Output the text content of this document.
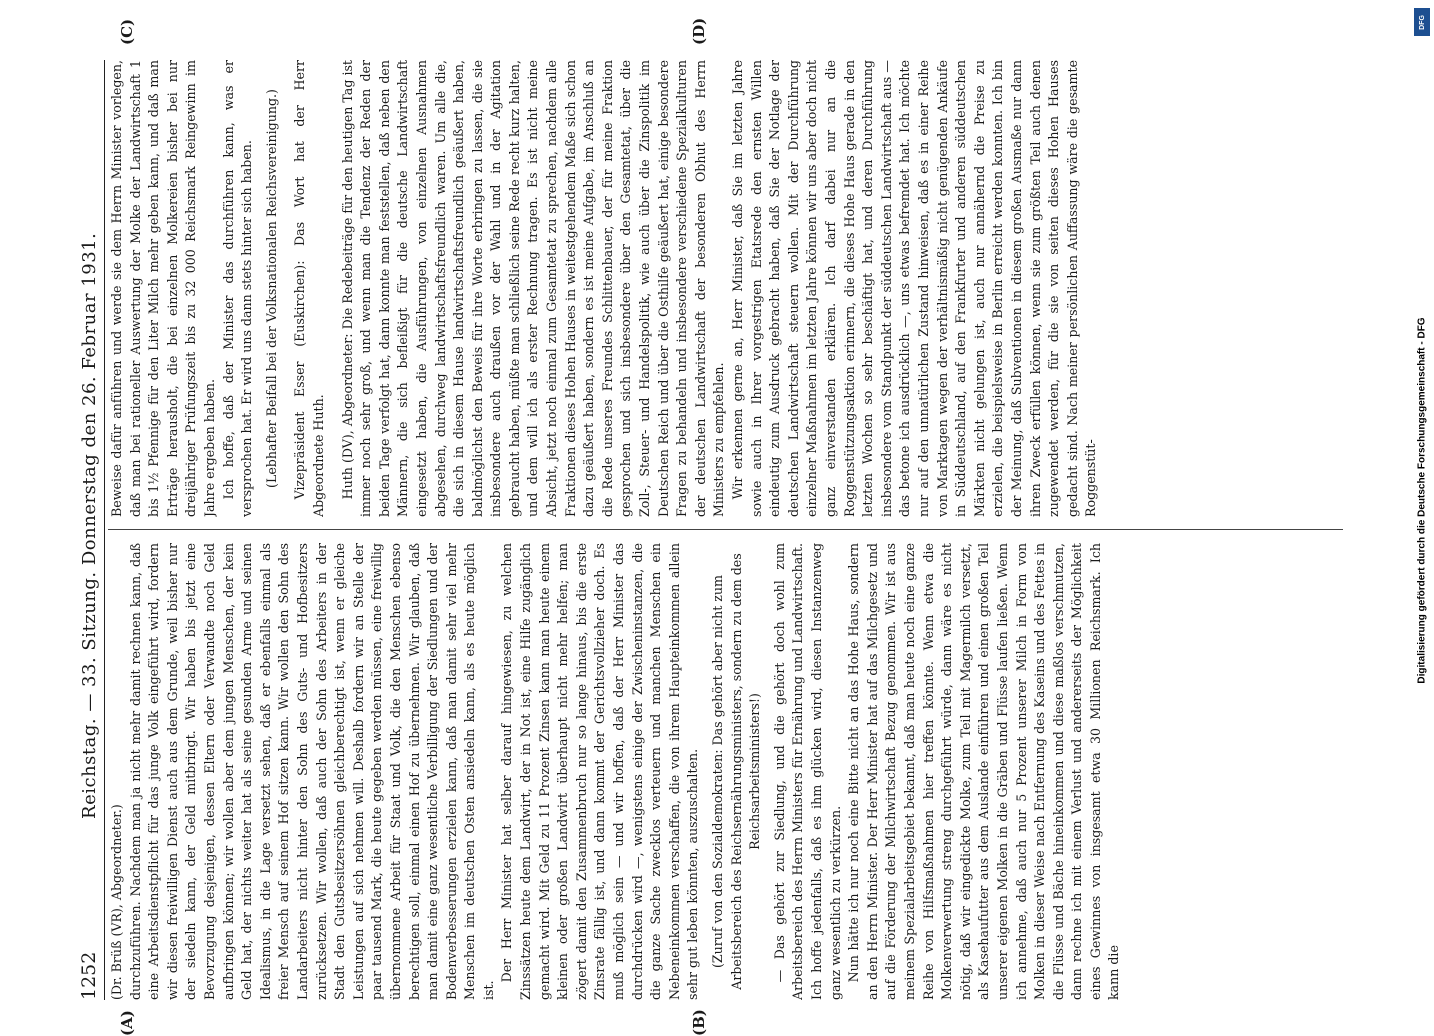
1252
Reichstag. — 33. Sitzung. Donnerstag den 26. Februar 1931.
(A)	(B)
(C)	(D)

(Dr. Brüß (VR), Abgeordneter.) durchzuführen. Nachdem man ja nicht mehr damit rechnen kann, daß eine Arbeitsdienstpflicht für das junge Volk eingeführt wird, fordern wir diesen freiwilligen Dienst auch aus dem Grunde, weil bisher nur der siedeln kann, der Geld mitbringt. Wir haben bis jetzt eine Bevorzugung desjenigen, dessen Eltern oder Verwandte noch Geld aufbringen können; wir wollen aber dem jungen Menschen, der kein Geld hat, der nichts weiter hat als seine gesunden Arme und seinen Idealismus, in die Lage versetzt sehen, daß er ebenfalls einmal als freier Mensch auf seinem Hof sitzen kann. Wir wollen den Sohn des Landarbeiters nicht hinter den Sohn des Guts- und Hofbesitzers zurücksetzen. Wir wollen, daß auch der Sohn des Arbeiters in der Stadt den Gutsbesitzersöhnen gleichberechtigt ist, wenn er gleiche Leistungen auf sich nehmen will. Deshalb fordern wir an Stelle der paar tausend Mark, die heute gegeben werden müssen, eine freiwillig übernommene Arbeit für Staat und Volk, die den Menschen ebenso berechtigen soll, einmal einen Hof zu übernehmen. Wir glauben, daß man damit eine ganz wesentliche Verbilligung der Siedlungen und der Bodenverbesserungen erzielen kann, daß man damit sehr viel mehr Menschen im deutschen Osten ansiedeln kann, als es heute möglich ist.

Der Herr Minister hat selber darauf hingewiesen, zu welchen Zinssätzen heute dem Landwirt, der in Not ist, eine Hilfe zugänglich gemacht wird. Mit Geld zu 11 Prozent Zinsen kann man heute einem kleinen oder großen Landwirt überhaupt nicht mehr helfen; man zögert damit den Zusammenbruch nur so lange hinaus, bis die erste Zinsrate fällig ist, und dann kommt der Gerichtsvollzieher doch. Es muß möglich sein — und wir hoffen, daß der Herr Minister das durchdrücken wird —, wenigstens einige der Zwischeninstanzen, die die ganze Sache zwecklos verteuern und manchen Menschen ein Nebeneinkommen verschaffen, die von ihrem Haupteinkommen allein sehr gut leben könnten, auszuschalten. (Zuruf von den Sozialdemokraten: Das gehört aber nicht zum Arbeitsbereich des Reichsernährungsministers, sondern zu dem des Reichsarbeitsministers!) — Das gehört zur Siedlung, und die gehört doch wohl zum Arbeitsbereich des Herrn Ministers für Ernährung und Landwirtschaft. Ich hoffe jedenfalls, daß es ihm glücken wird, diesen Instanzenweg ganz wesentlich zu verkürzen. Nun hätte ich nur noch eine Bitte nicht an das Hohe Haus, sondern an den Herrn Minister. Der Herr Minister hat auf das Milchgesetz und auf die Förderung der Milchwirtschaft Bezug genommen. Wir ist aus meinem Spezialarbeitsgebiet bekannt, daß man heute noch eine ganze Reihe von Hilfsmaßnahmen hier treffen könnte. Wenn etwa die Molkenverwertung streng durchgeführt würde, dann wäre es nicht nötig, daß wir eingedickte Molke, zum Teil mit Magermilch versetzt, als Kasehaufutter aus dem Auslande einführen und einen großen Teil unserer eigenen Molken in die Gräben und Flüsse laufen ließen. Wenn ich annehme, daß auch nur 5 Prozent unserer Milch in Form von Molken in dieser Weise nach Entfernung des Kaseins und des Fettes in die Flüsse und Bäche hineinkommen und diese maßlos verschmutzen, dann rechne ich mit einem Verlust und andererseits der Möglichkeit eines Gewinnes von insgesamt etwa 30 Millionen Reichsmark. Ich kann die

Beweise dafür anführen und werde sie dem Herrn Minister vorlegen, daß man bei rationeller Auswertung der Molke der Landwirtschaft 1 bis 1½ Pfennige für den Liter Milch mehr geben kann, und daß man Erträge herausholt, die bei einzelnen Molkereien bisher bei nur dreijähriger Prüfungszeit bis zu 32 000 Reichsmark Reingewinn im Jahre ergeben haben. Ich hoffe, daß der Minister das durchführen kann, was er versprochen hat. Er wird uns dann stets hinter sich haben. (Lebhafter Beifall bei der Volksnationalen Reichsvereinigung.) Vizepräsident Esser (Euskirchen): Das Wort hat der Herr Abgeordnete Huth. Huth (DV), Abgeordneter: Die Redebeiträge für den heutigen Tag ist immer noch sehr groß, und wenn man die Tendenz der Reden der beiden Tage verfolgt hat, dann konnte man feststellen, daß neben den Männern, die sich befleißigt für die deutsche Landwirtschaft eingesetzt haben, die Ausführungen, von einzelnen Ausnahmen abgesehen, durchweg landwirtschaftsfreundlich waren. Um alle die, die sich in diesem Hause landwirtschaftsfreundlich geäußert haben, baldmöglichst den Beweis für ihre Worte erbringen zu lassen, die sie insbesondere auch draußen vor der Wahl und in der Agitation gebraucht haben, müßte man schließlich seine Rede recht kurz halten, und dem will ich als erster Rechnung tragen. Es ist nicht meine Absicht, jetzt noch einmal zum Gesamtetat zu sprechen, nachdem alle Fraktionen dieses Hohen Hauses in weitestgehendem Maße sich schon dazu geäußert haben, sondern es ist meine Aufgabe, im Anschluß an die Rede unseres Freundes Schlittenbauer, der für meine Fraktion gesprochen und sich insbesondere über den Gesamtetat, über die Zoll-, Steuer- und Handelspolitik, wie auch über die Zinspolitik im Deutschen Reich und über die Osthilfe geäußert hat, einige besondere Fragen zu behandeln und insbesondere verschiedene Spezialkulturen der deutschen Landwirtschaft der besonderen Obhut des Herrn Ministers zu empfehlen. Wir erkennen gerne an, Herr Minister, daß Sie im letzten Jahre sowie auch in Ihrer vorgestrigen Etatsrede den ernsten Willen eindeutig zum Ausdruck gebracht haben, daß Sie der Notlage der deutschen Landwirtschaft steuern wollen. Mit der Durchführung einzelner Maßnahmen im letzten Jahre können wir uns aber doch nicht ganz einverstanden erklären. Ich darf dabei nur an die Roggenstützungsaktion erinnern, die dieses Hohe Haus gerade in den letzten Wochen so sehr beschäftigt hat, und deren Durchführung insbesondere vom Standpunkt der süddeutschen Landwirtschaft aus — das betone ich ausdrücklich —, uns etwas befremdet hat. Ich möchte nur auf den unnatürlichen Zustand hinweisen, daß es in einer Reihe von Marktagen wegen der verhältnismäßig nicht genügenden Ankäufe in Süddeutschland, auf den Frankfurter und anderen süddeutschen Märkten nicht gelungen ist, auch nur annähernd die Preise zu erzielen, die beispielsweise in Berlin erreicht werden konnten. Ich bin der Meinung, daß Subventionen in diesem großen Ausmaße nur dann ihren Zweck erfüllen können, wenn sie zum größten Teil auch denen zugewendet werden, für die sie von seiten dieses Hohen Hauses gedacht sind. Nach meiner persönlichen Auffassung wäre die gesamte Roggenstüt-

DFG
Digitalisierung gefördert durch die Deutsche Forschungsgemeinschaft - DFG
